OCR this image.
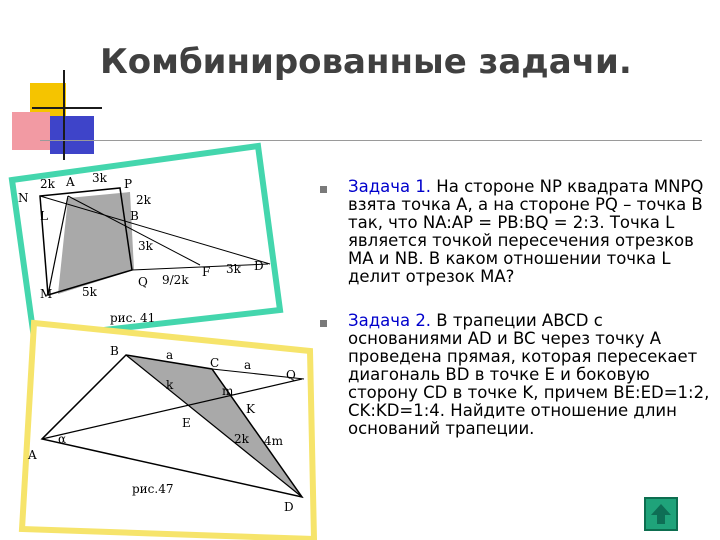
Комбинированные задачи.
N
2k A 3k P
2k
B
3k
L
Q 9/2k
F 3k D
M 5k
рис. 41
B	a
C a
Q
k	m
K
E
2k 4m
A
α
D
рис.47
Задача 1. На стороне NP квадрата MNPQ взята точка A, а на стороне PQ – точка B так, что NA:AP = PB:BQ = 2:3. Точка L является точкой пересечения отрезков MA и NB. В каком отношении точка L делит отрезок MA?
Задача 2. В трапеции ABCD с основаниями AD и BC через точку A проведена прямая, которая пересекает диагональ BD в точке E и боковую сторону CD в точке K, причем BE:ED=1:2, CK:KD=1:4. Найдите отношение длин оснований трапеции.
